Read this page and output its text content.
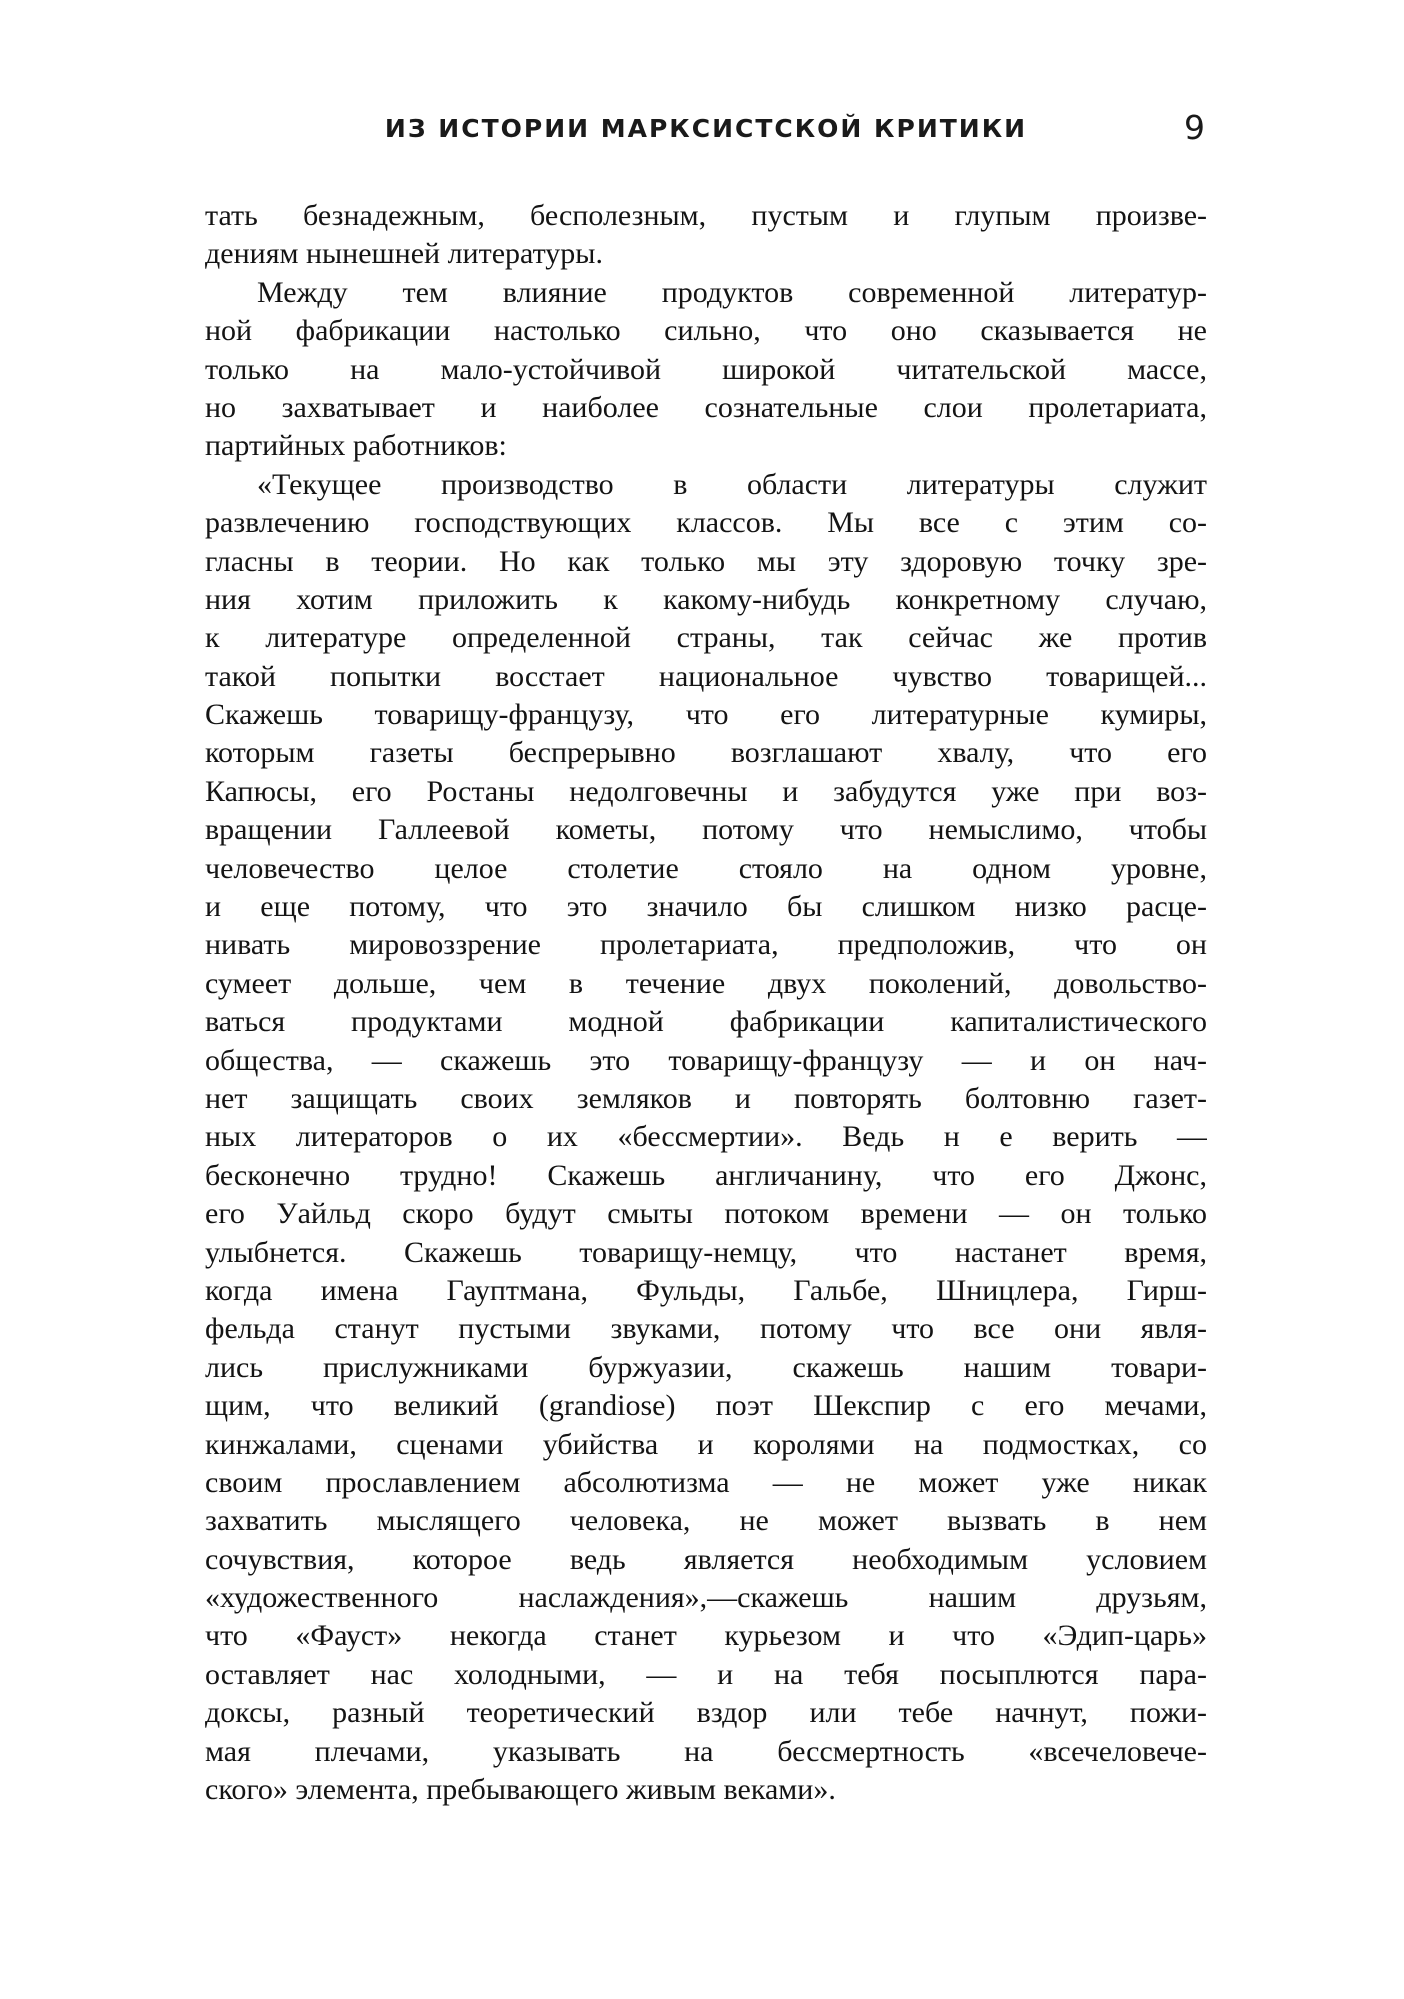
ИЗ ИСТОРИИ МАРКСИСТСКОЙ КРИТИКИ	9
тать безнадежным, бесполезным, пустым и глупым произве-
дениям нынешней литературы.
Между тем влияние продуктов современной литератур-
ной фабрикации настолько сильно, что оно сказывается не
только на мало-устойчивой широкой читательской массе,
но захватывает и наиболее сознательные слои пролетариата,
партийных работников:
«Текущее производство в области литературы служит
развлечению господствующих классов. Мы все с этим со-
гласны в теории. Но как только мы эту здоровую точку зре-
ния хотим приложить к какому-нибудь конкретному случаю,
к литературе определенной страны, так сейчас же против
такой попытки восстает национальное чувство товарищей...
Скажешь товарищу-французу, что его литературные кумиры,
которым газеты беспрерывно возглашают хвалу, что его
Капюсы, его Ростаны недолговечны и забудутся уже при воз-
вращении Галлеевой кометы, потому что немыслимо, чтобы
человечество целое столетие стояло на одном уровне,
и еще потому, что это значило бы слишком низко расце-
нивать мировоззрение пролетариата, предположив, что он
сумеет дольше, чем в течение двух поколений, довольство-
ваться продуктами модной фабрикации капиталистического
общества, — скажешь это товарищу-французу — и он нач-
нет защищать своих земляков и повторять болтовню газет-
ных литераторов о их «бессмертии». Ведь н е верить —
бесконечно трудно! Скажешь англичанину, что его Джонс,
его Уайльд скоро будут смыты потоком времени — он только
улыбнется. Скажешь товарищу-немцу, что настанет время,
когда имена Гауптмана, Фульды, Гальбе, Шницлера, Гирш-
фельда станут пустыми звуками, потому что все они явля-
лись прислужниками буржуазии, скажешь нашим товари-
щим, что великий (grandiose) поэт Шекспир с его мечами,
кинжалами, сценами убийства и королями на подмостках, со
своим прославлением абсолютизма — не может уже никак
захватить мыслящего человека, не может вызвать в нем
сочувствия, которое ведь является необходимым условием
«художественного наслаждения»,—скажешь нашим друзьям,
что «Фауст» некогда станет курьезом и что «Эдип-царь»
оставляет нас холодными, — и на тебя посыплются пара-
доксы, разный теоретический вздор или тебе начнут, пожи-
мая плечами, указывать на бессмертность «всечеловече-
ского» элемента, пребывающего живым веками».
